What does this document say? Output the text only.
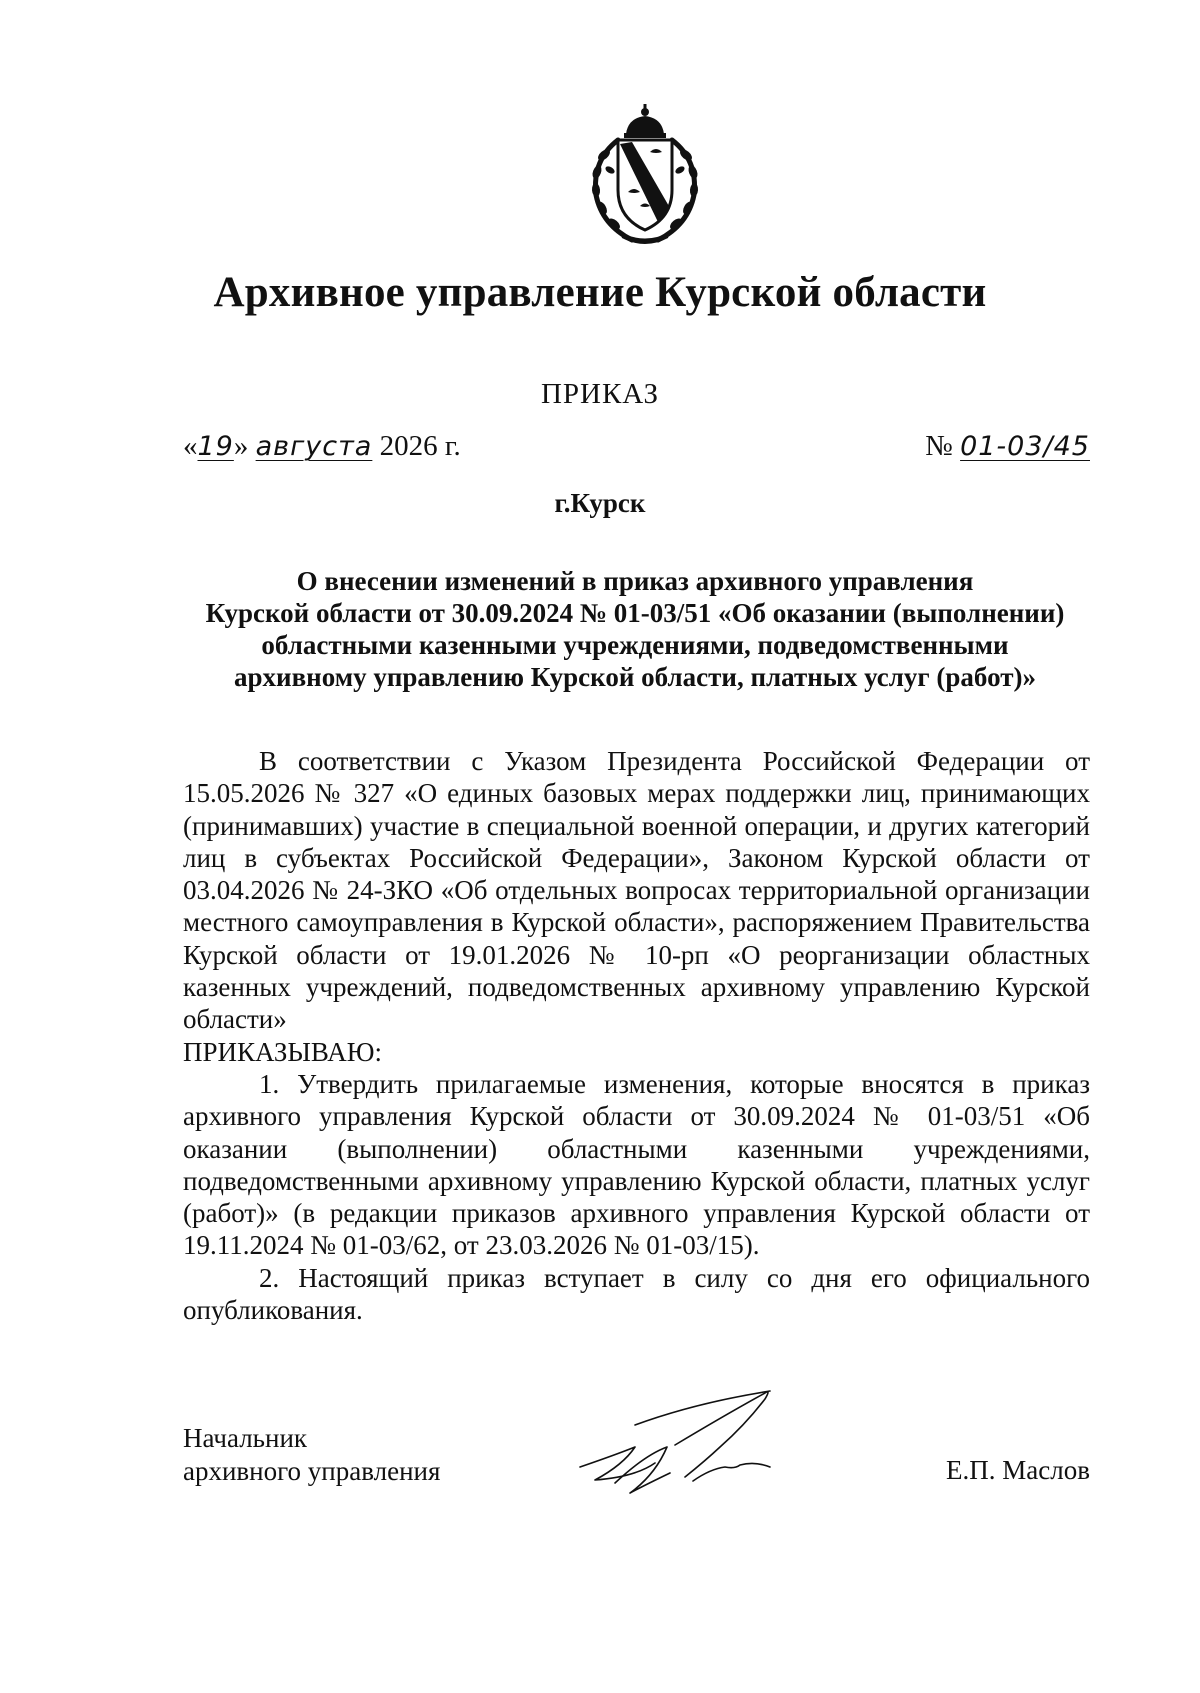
Архивное управление Курской области
ПРИКАЗ
«19» августа 2026 г.	№ 01-03/45
г.Курск
О внесении изменений в приказ архивного управления
Курской области от 30.09.2024 № 01-03/51 «Об оказании (выполнении)
областными казенными учреждениями, подведомственными
архивному управлению Курской области, платных услуг (работ)»

В соответствии с Указом Президента Российской Федерации от 15.05.2026 № 327 «О единых базовых мерах поддержки лиц, принимающих (принимавших) участие в специальной военной операции, и других категорий лиц в субъектах Российской Федерации», Законом Курской области от 03.04.2026 № 24-ЗКО «Об отдельных вопросах территориальной организации местного самоуправления в Курской области», распоряжением Правительства Курской области от 19.01.2026 № 10-рп «О реорганизации областных казенных учреждений, подведомственных архивному управлению Курской области»

ПРИКАЗЫВАЮ:

1. Утвердить прилагаемые изменения, которые вносятся в приказ архивного управления Курской области от 30.09.2024 № 01-03/51 «Об оказании (выполнении) областными казенными учреждениями, подведомственными архивному управлению Курской области, платных услуг (работ)» (в редакции приказов архивного управления Курской области от 19.11.2024 № 01-03/62, от 23.03.2026 № 01-03/15).

2. Настоящий приказ вступает в силу со дня его официального опубликования.

Начальник
архивного управления	Е.П. Маслов
